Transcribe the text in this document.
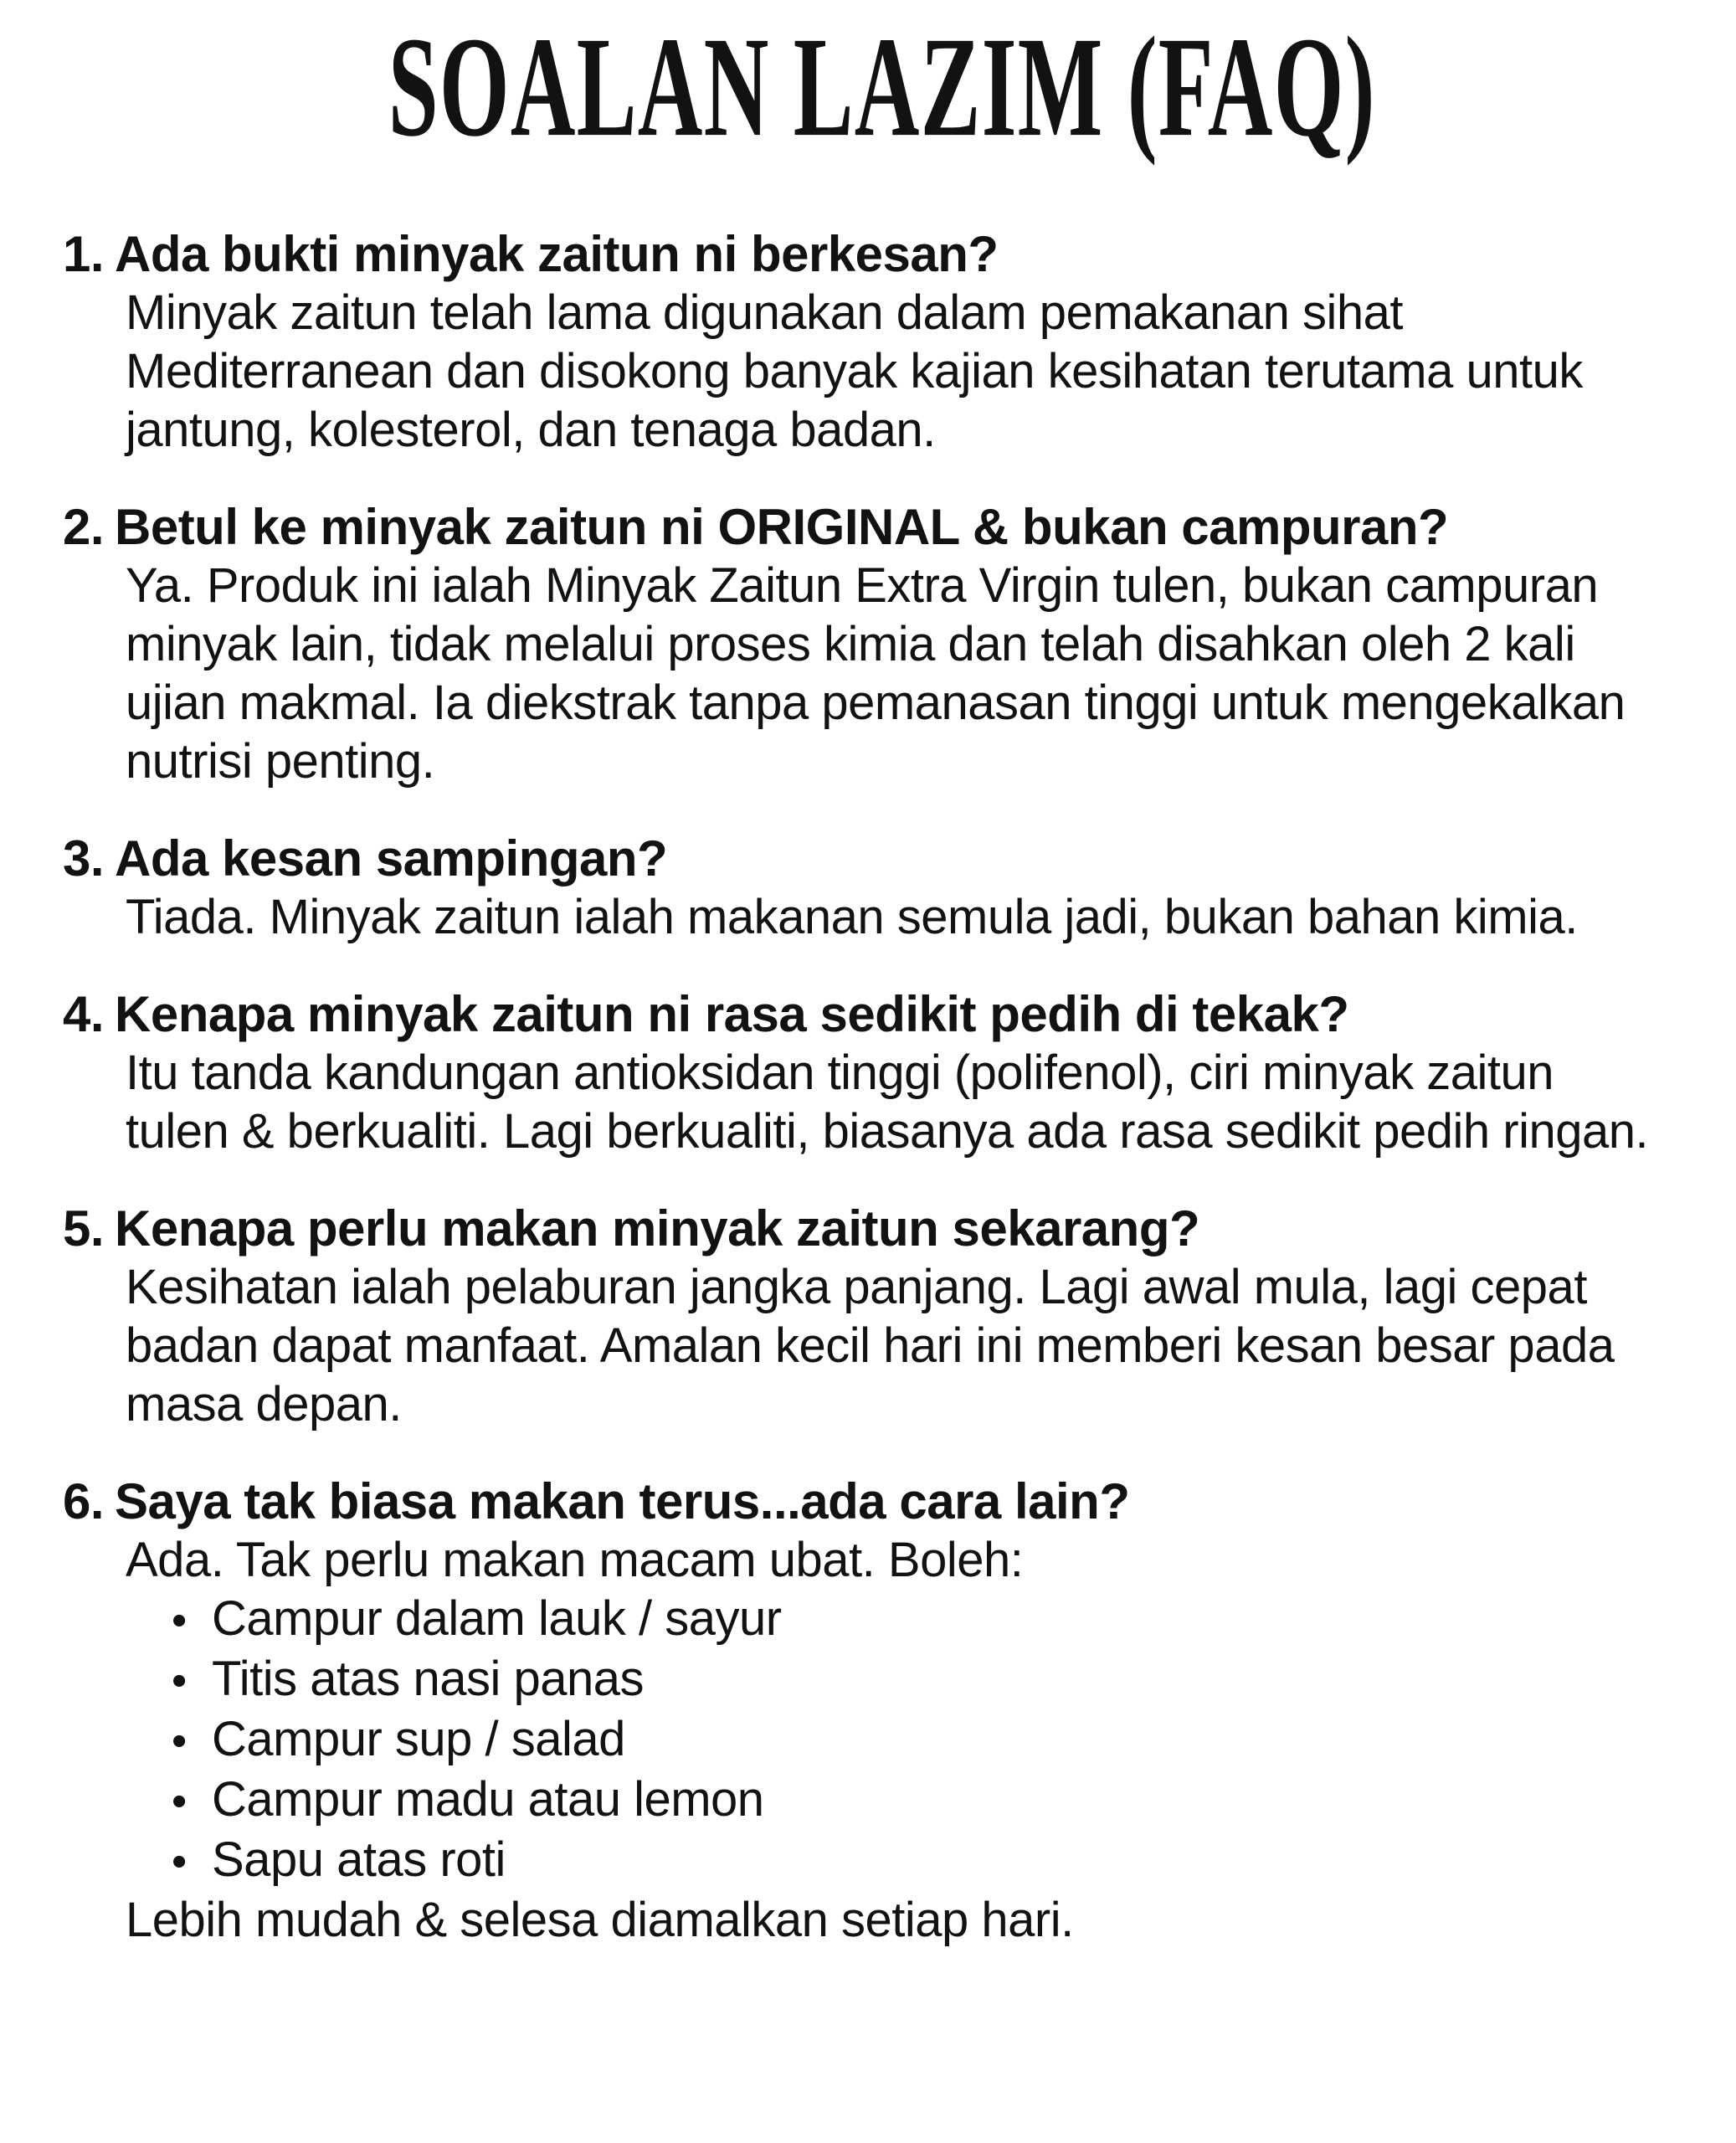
SOALAN LAZIM (FAQ)
1. Ada bukti minyak zaitun ni berkesan?

Minyak zaitun telah lama digunakan dalam pemakanan sihat Mediterranean dan disokong banyak kajian kesihatan terutama untuk jantung, kolesterol, dan tenaga badan.

2. Betul ke minyak zaitun ni ORIGINAL & bukan campuran?

Ya. Produk ini ialah Minyak Zaitun Extra Virgin tulen, bukan campuran minyak lain, tidak melalui proses kimia dan telah disahkan oleh 2 kali ujian makmal. Ia diekstrak tanpa pemanasan tinggi untuk mengekalkan nutrisi penting.

3. Ada kesan sampingan?

Tiada. Minyak zaitun ialah makanan semula jadi, bukan bahan kimia.

4. Kenapa minyak zaitun ni rasa sedikit pedih di tekak?

Itu tanda kandungan antioksidan tinggi (polifenol), ciri minyak zaitun tulen & berkualiti. Lagi berkualiti, biasanya ada rasa sedikit pedih ringan.

5. Kenapa perlu makan minyak zaitun sekarang?

Kesihatan ialah pelaburan jangka panjang. Lagi awal mula, lagi cepat badan dapat manfaat. Amalan kecil hari ini memberi kesan besar pada masa depan.

6. Saya tak biasa makan terus...ada cara lain?

Ada. Tak perlu makan macam ubat. Boleh:

• Campur dalam lauk / sayur
• Titis atas nasi panas
• Campur sup / salad
• Campur madu atau lemon
• Sapu atas roti

Lebih mudah & selesa diamalkan setiap hari.
